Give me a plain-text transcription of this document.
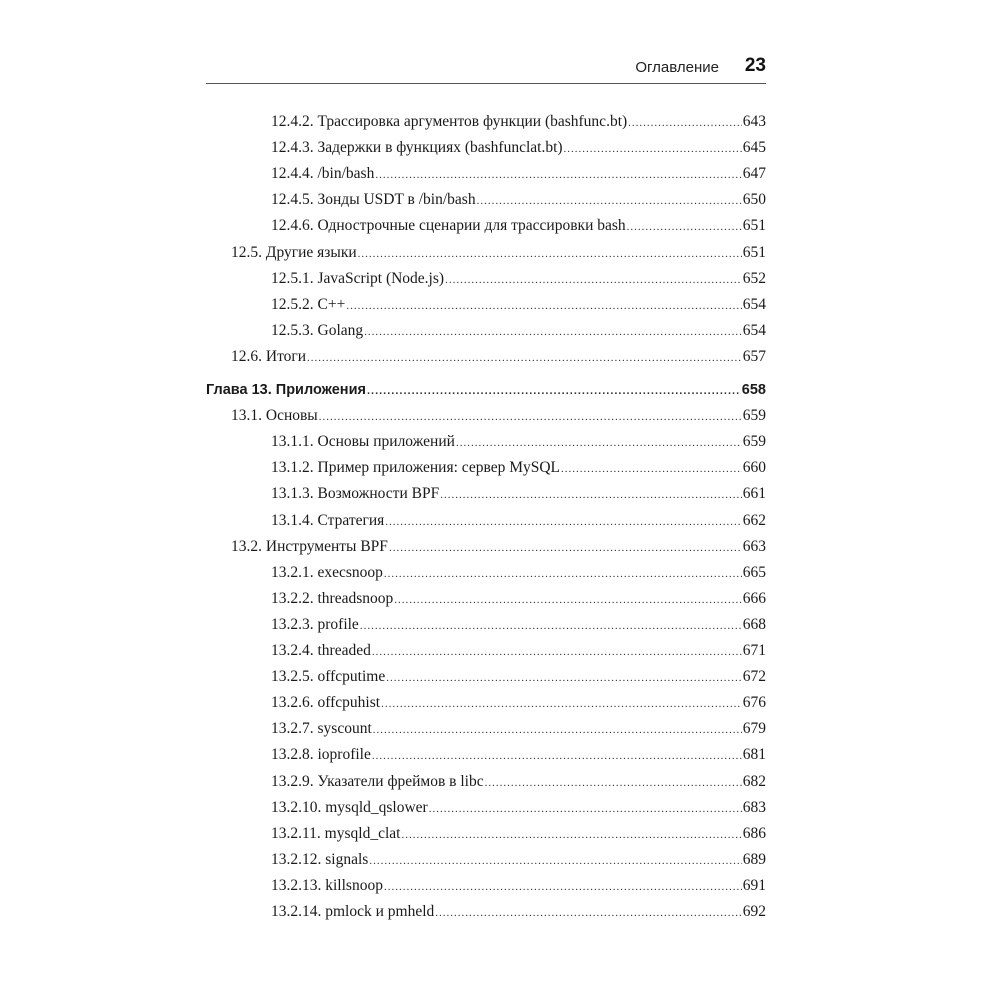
Оглавление 23
12.4.2. Трассировка аргументов функции (bashfunc.bt) .....	643
12.4.3. Задержки в функциях (bashfunclat.bt) .....	645
12.4.4. /bin/bash .....	647
12.4.5. Зонды USDT в /bin/bash .....	650
12.4.6. Однострочные сценарии для трассировки bash .....	651
12.5. Другие языки .....	651
12.5.1. JavaScript (Node.js) .....	652
12.5.2. C++ .....	654
12.5.3. Golang .....	654
12.6. Итоги .....	657
Глава 13. Приложения .....	658
13.1. Основы .....	659
13.1.1. Основы приложений .....	659
13.1.2. Пример приложения: сервер MySQL .....	660
13.1.3. Возможности BPF .....	661
13.1.4. Стратегия .....	662
13.2. Инструменты BPF .....	663
13.2.1. execsnoop .....	665
13.2.2. threadsnoop .....	666
13.2.3. profile .....	668
13.2.4. threaded .....	671
13.2.5. offcputime .....	672
13.2.6. offcpuhist .....	676
13.2.7. syscount .....	679
13.2.8. ioprofile .....	681
13.2.9. Указатели фреймов в libc .....	682
13.2.10. mysqld_qslower .....	683
13.2.11. mysqld_clat .....	686
13.2.12. signals .....	689
13.2.13. killsnoop .....	691
13.2.14. pmlock и pmheld .....	692
